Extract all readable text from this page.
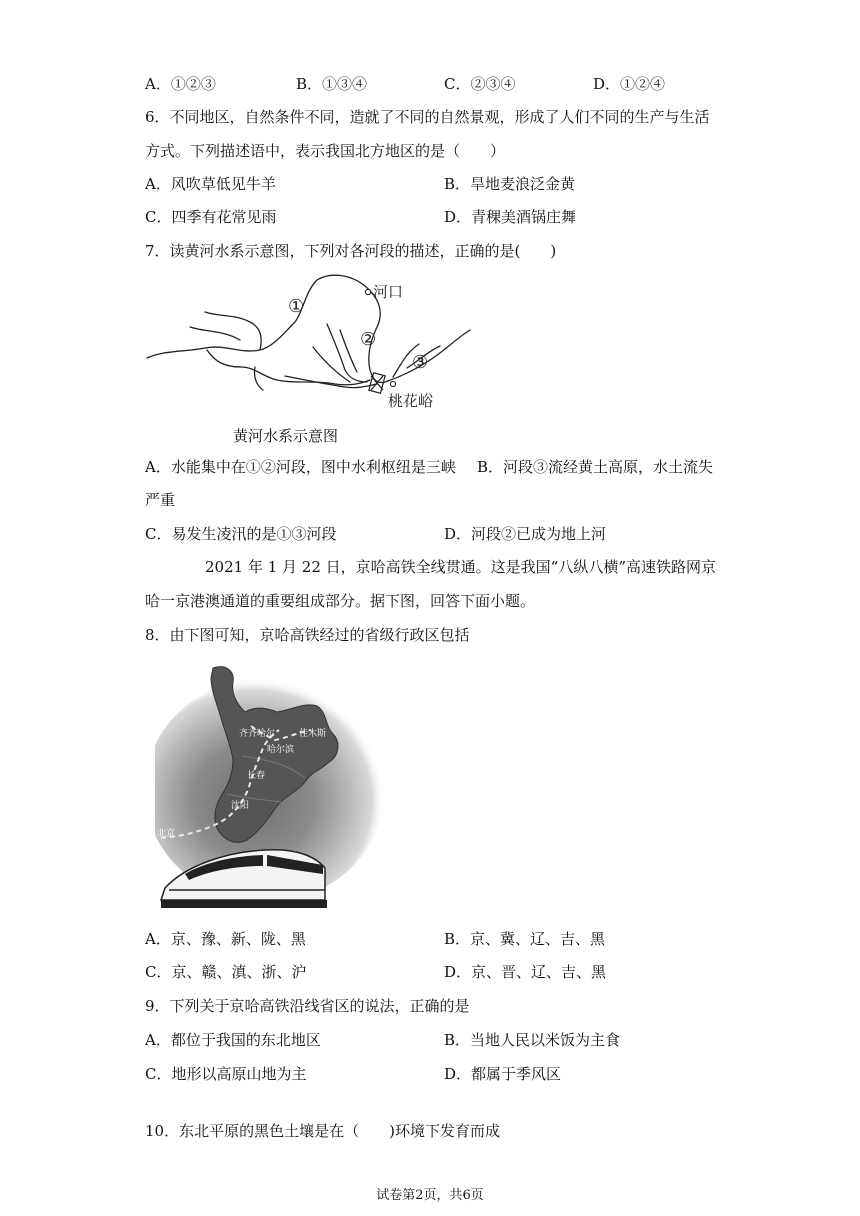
A．①②③	B．①③④	C．②③④	D．①②④
6．不同地区，自然条件不同，造就了不同的自然景观，形成了人们不同的生产与生活
方式。下列描述语中，表示我国北方地区的是（　　）
A．风吹草低见牛羊	B．旱地麦浪泛金黄
C．四季有花常见雨	D．青稞美酒锅庄舞
7．读黄河水系示意图，下列对各河段的描述，正确的是(　　)
河口
桃花峪
①
②
③
黄河水系示意图
A．水能集中在①②河段，图中水利枢纽是三峡 B．河段③流经黄土高原，水土流失
严重
C．易发生凌汛的是①③河段	D．河段②已成为地上河
2021 年 1 月 22 日，京哈高铁全线贯通。这是我国“八纵八横”高速铁路网京
哈一京港澳通道的重要组成部分。据下图，回答下面小题。
8．由下图可知，京哈高铁经过的省级行政区包括
齐齐哈尔	佳木斯
哈尔滨
长春
沈阳
北京
A．京、豫、新、陇、黑	B．京、冀、辽、吉、黑
C．京、赣、滇、浙、沪	D．京、晋、辽、吉、黑
9．下列关于京哈高铁沿线省区的说法，正确的是
A．都位于我国的东北地区	B．当地人民以米饭为主食
C．地形以高原山地为主	D．都属于季风区
10．东北平原的黑色土壤是在（　　)环境下发育而成
试卷第2页，共6页
